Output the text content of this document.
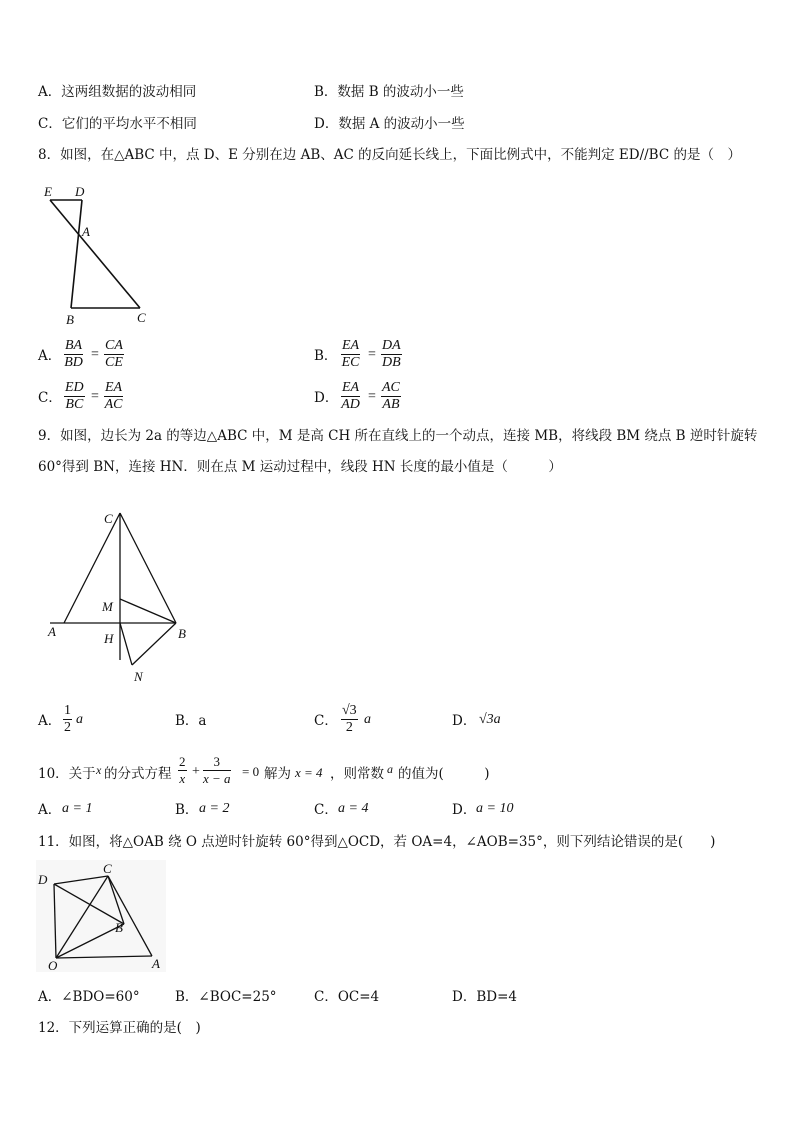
A．这两组数据的波动相同	B．数据 B 的波动小一些
C．它们的平均水平不相同	D．数据 A 的波动小一些
8．如图，在△ABC 中，点 D、E 分别在边 AB、AC 的反向延长线上，下面比例式中，不能判定 ED//BC 的是（　）
E D
A
B	C
A． $\frac{BA}{BD} = \frac{CA}{CE}$	B． $\frac{EA}{EC} = \frac{DA}{DB}$
C． $\frac{ED}{BC} = \frac{EA}{AC}$	D． $\frac{EA}{AD} = \frac{AC}{AB}$
9．如图，边长为 2a 的等边△ABC 中，M 是高 CH 所在直线上的一个动点，连接 MB，将线段 BM 绕点 B 逆时针旋转
60°得到 BN，连接 HN．则在点 M 运动过程中，线段 HN 长度的最小值是（　　　）
C
M
A	H	B
N
A． $\frac{1}{2}$ a	B．a	C． $\frac{√3}{2}$ a	D． √3a
10．关于 x 的分式方程 $\frac{2}{x} + \frac{3}{x - a} = 0$ 解为 x = 4 ，则常数 a 的值为(　　　)
A． a = 1	B． a = 2	C． a = 4	D． a = 10
11．如图，将△OAB 绕 O 点逆时针旋转 60°得到△OCD，若 OA=4，∠AOB=35°，则下列结论错误的是(　　)
D
C
B
O	A
A．∠BDO=60°	B．∠BOC=25°	C．OC=4	D．BD=4
12．下列运算正确的是(　)
